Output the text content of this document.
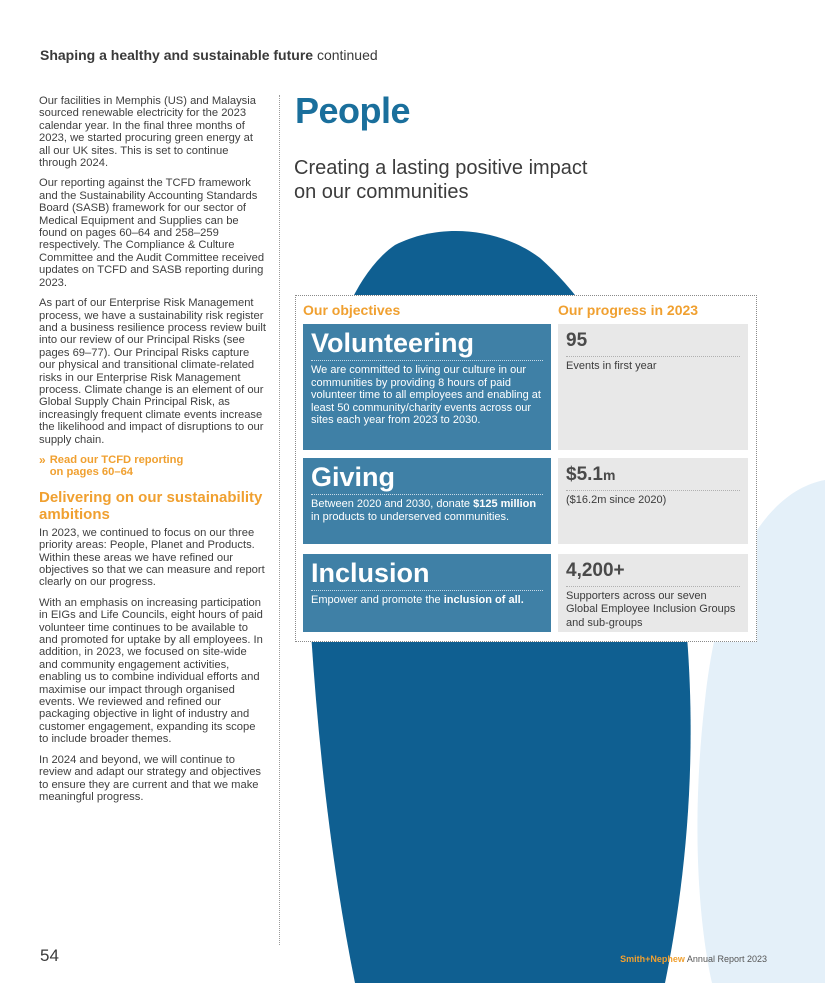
Shaping a healthy and sustainable future continued

Our facilities in Memphis (US) and Malaysia sourced renewable electricity for the 2023 calendar year. In the final three months of 2023, we started procuring green energy at all our UK sites. This is set to continue through 2024.

Our reporting against the TCFD framework and the Sustainability Accounting Standards Board (SASB) framework for our sector of Medical Equipment and Supplies can be found on pages 60–64 and 258–259 respectively. The Compliance & Culture Committee and the Audit Committee received updates on TCFD and SASB reporting during 2023.

As part of our Enterprise Risk Management process, we have a sustainability risk register and a business resilience process review built into our review of our Principal Risks (see pages 69–77). Our Principal Risks capture our physical and transitional climate-related risks in our Enterprise Risk Management process. Climate change is an element of our Global Supply Chain Principal Risk, as increasingly frequent climate events increase the likelihood and impact of disruptions to our supply chain.

» Read our TCFD reporting
on pages 60–64
Delivering on our sustainability ambitions

In 2023, we continued to focus on our three priority areas: People, Planet and Products. Within these areas we have refined our objectives so that we can measure and report clearly on our progress.

With an emphasis on increasing participation in EIGs and Life Councils, eight hours of paid volunteer time continues to be available to and promoted for uptake by all employees. In addition, in 2023, we focused on site-wide and community engagement activities, enabling us to combine individual efforts and maximise our impact through organised events. We reviewed and refined our packaging objective in light of industry and customer engagement, expanding its scope to include broader themes.

In 2024 and beyond, we will continue to review and adapt our strategy and objectives to ensure they are current and that we make meaningful progress.

People
Creating a lasting positive impact on our communities
Our objectives	Our progress in 2023
Volunteering
We are committed to living our culture in our communities by providing 8 hours of paid volunteer time to all employees and enabling at least 50 community/charity events across our sites each year from 2023 to 2030.
95
Events in first year
Giving
Between 2020 and 2030, donate $125 million in products to underserved communities.
$5.1m
($16.2m since 2020)
Inclusion
Empower and promote the inclusion of all.
4,200+
Supporters across our seven Global Employee Inclusion Groups and sub-groups
54	Smith+Nephew Annual Report 2023
